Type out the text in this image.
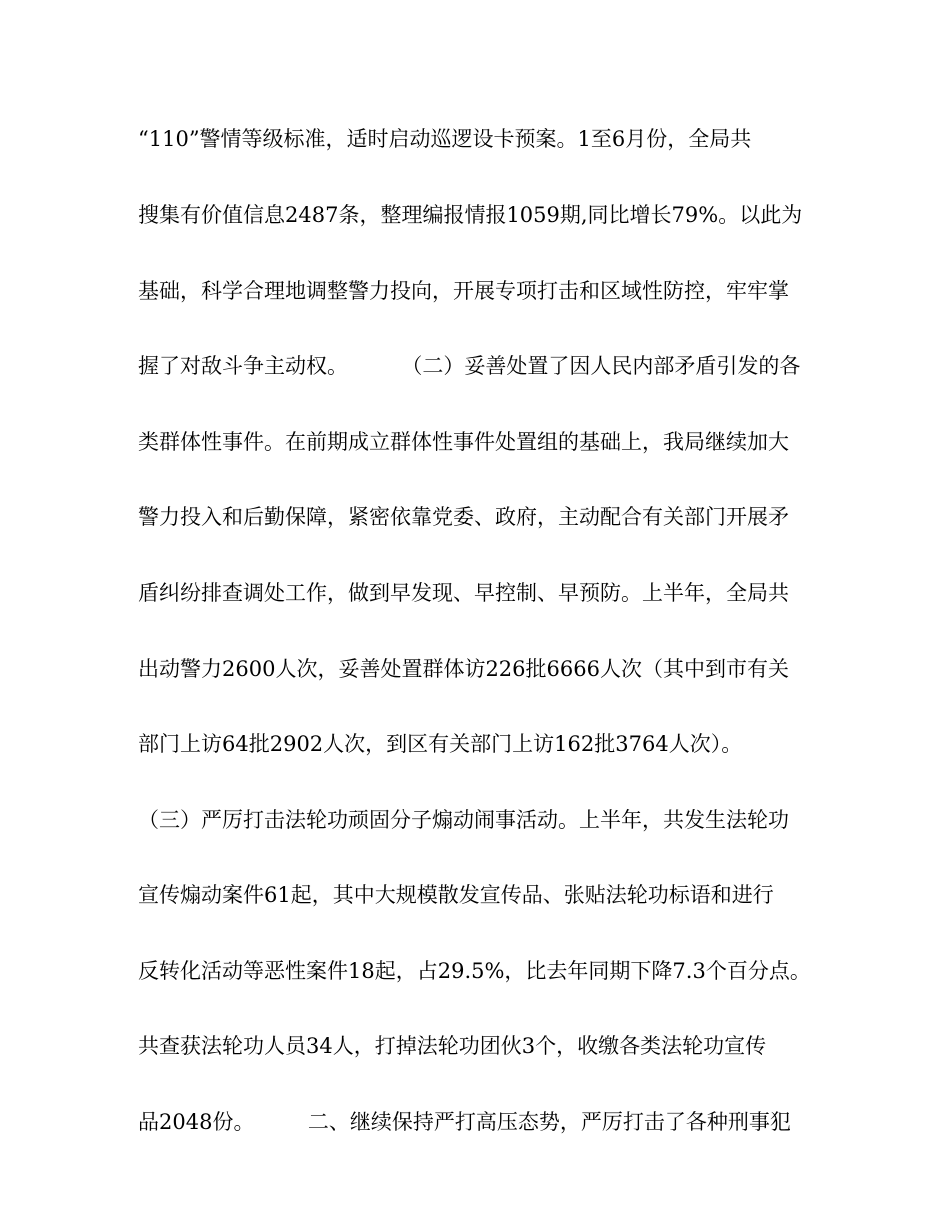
“110”警情等级标准，适时启动巡逻设卡预案。1至6月份，全局共
搜集有价值信息2487条，整理编报情报1059期,同比增长79%。以此为
基础，科学合理地调整警力投向，开展专项打击和区域性防控，牢牢掌
握了对敌斗争主动权。        （二）妥善处置了因人民内部矛盾引发的各
类群体性事件。在前期成立群体性事件处置组的基础上，我局继续加大
警力投入和后勤保障，紧密依靠党委、政府，主动配合有关部门开展矛
盾纠纷排查调处工作，做到早发现、早控制、早预防。上半年，全局共
出动警力2600人次，妥善处置群体访226批6666人次（其中到市有关
部门上访64批2902人次，到区有关部门上访162批3764人次）。
（三）严厉打击法轮功顽固分子煽动闹事活动。上半年，共发生法轮功
宣传煽动案件61起，其中大规模散发宣传品、张贴法轮功标语和进行
反转化活动等恶性案件18起，占29.5%，比去年同期下降7.3个百分点。
共查获法轮功人员34人，打掉法轮功团伙3个，收缴各类法轮功宣传
品2048份。        二、继续保持严打高压态势，严厉打击了各种刑事犯
